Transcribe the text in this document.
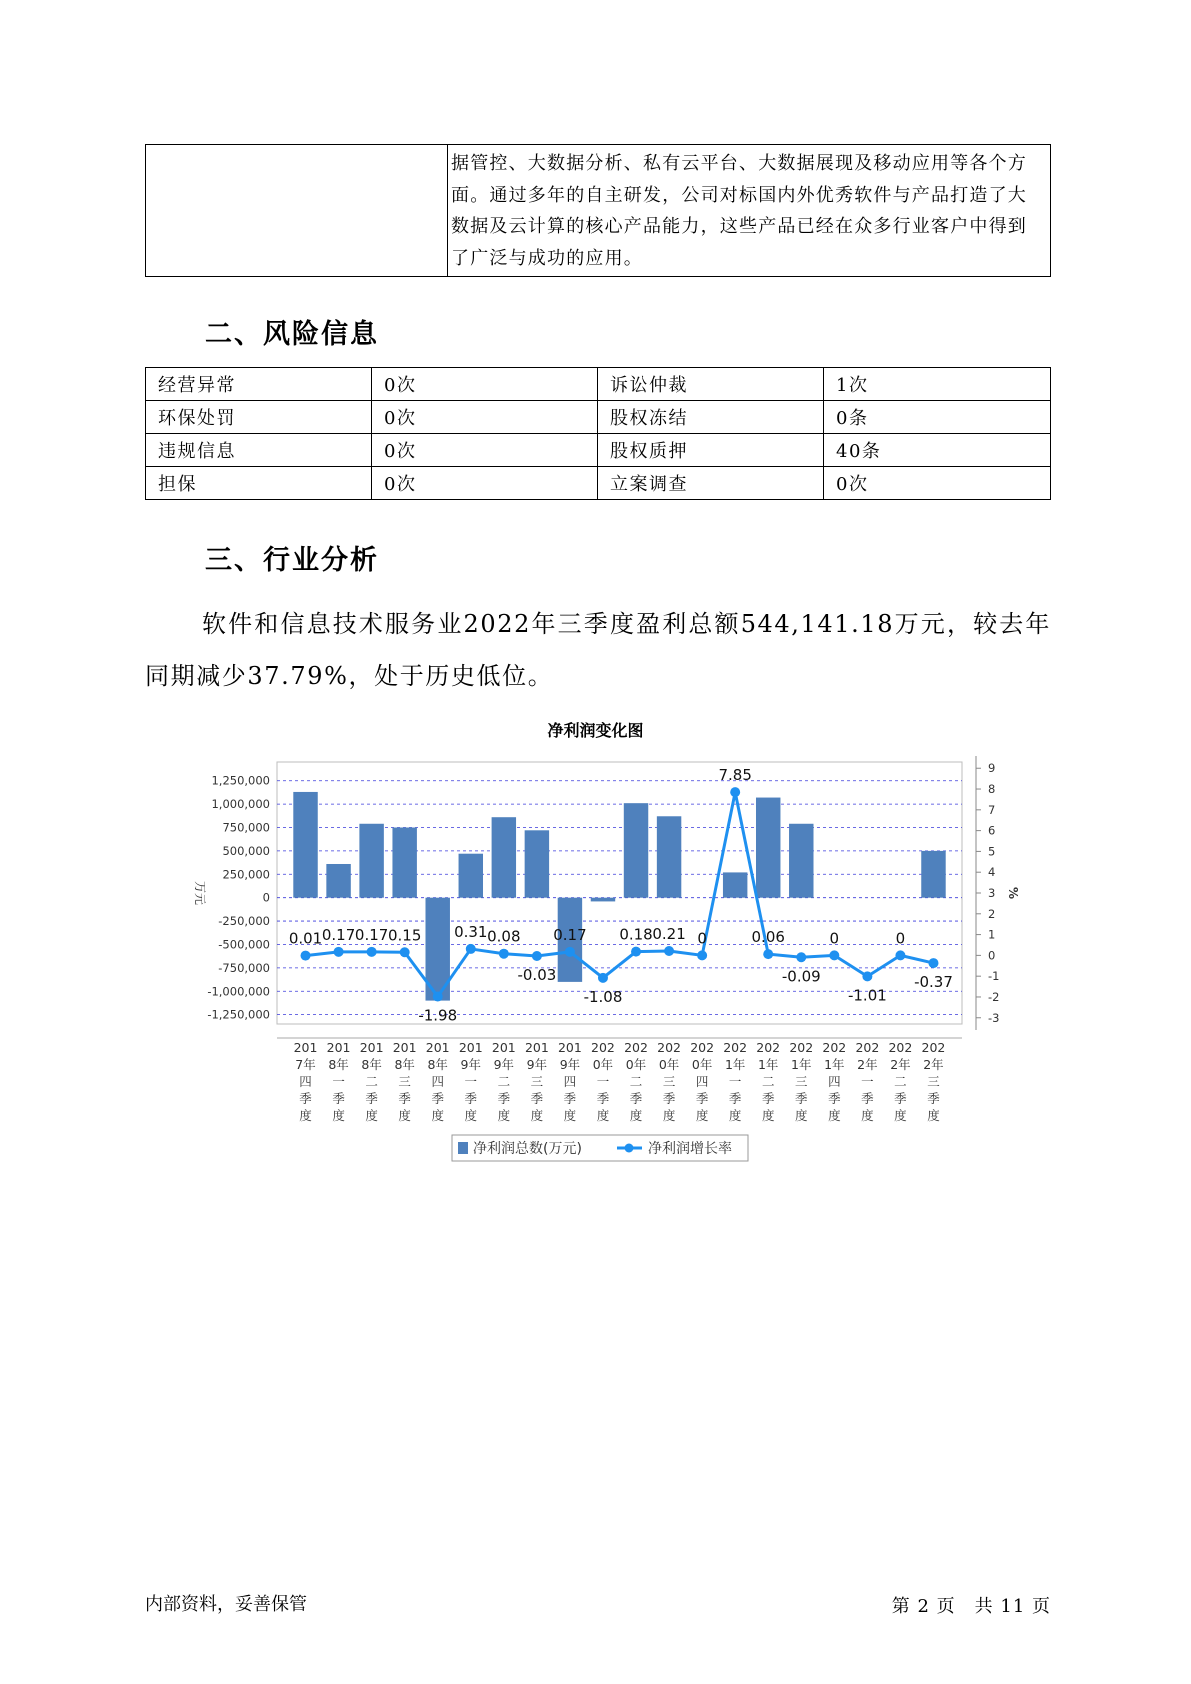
据管控、大数据分析、私有云平台、大数据展现及移动应用等各个方
面。通过多年的自主研发，公司对标国内外优秀软件与产品打造了大
数据及云计算的核心产品能力，这些产品已经在众多行业客户中得到
了广泛与成功的应用。
二、风险信息
经营异常	0次	诉讼仲裁	1次
环保处罚	0次	股权冻结	0条
违规信息	0次	股权质押	40条
担保	0次	立案调查	0次
三、行业分析

软件和信息技术服务业2022年三季度盈利总额544,141.18万元，较去年同期减少37.79%，处于历史低位。

净利润变化图
1,250,000
1,000,000
750,000
500,000
250,000
0
-250,000
-500,000
-750,000
-1,000,000
-1,250,000
万元
9
8
7
6
5
4
3
2
1
0
-1
-2
-3
%
201
7年
四
季
度
201
8年
一
季
度
201
8年
二
季
度
201
8年
三
季
度
201
8年
四
季
度
201
9年
一
季
度
201
9年
二
季
度
201
9年
三
季
度
201
9年
四
季
度
202
0年
一
季
度
202
0年
二
季
度
202
0年
三
季
度
202
0年
四
季
度
202
1年
一
季
度
202
1年
二
季
度
202
1年
三
季
度
202
1年
四
季
度
202
2年
一
季
度
202
2年
二
季
度
202
2年
三
季
度
0.01 0.17 0.17 0.15
-1.98
0.31 0.08
-0.03
0.17
-1.08
0.18 0.21 0
7.85
0.06
-0.09
0
-1.01
0
-0.37
净利润总数(万元)	净利润增长率
内部资料，妥善保管	第 2 页　共 11 页
